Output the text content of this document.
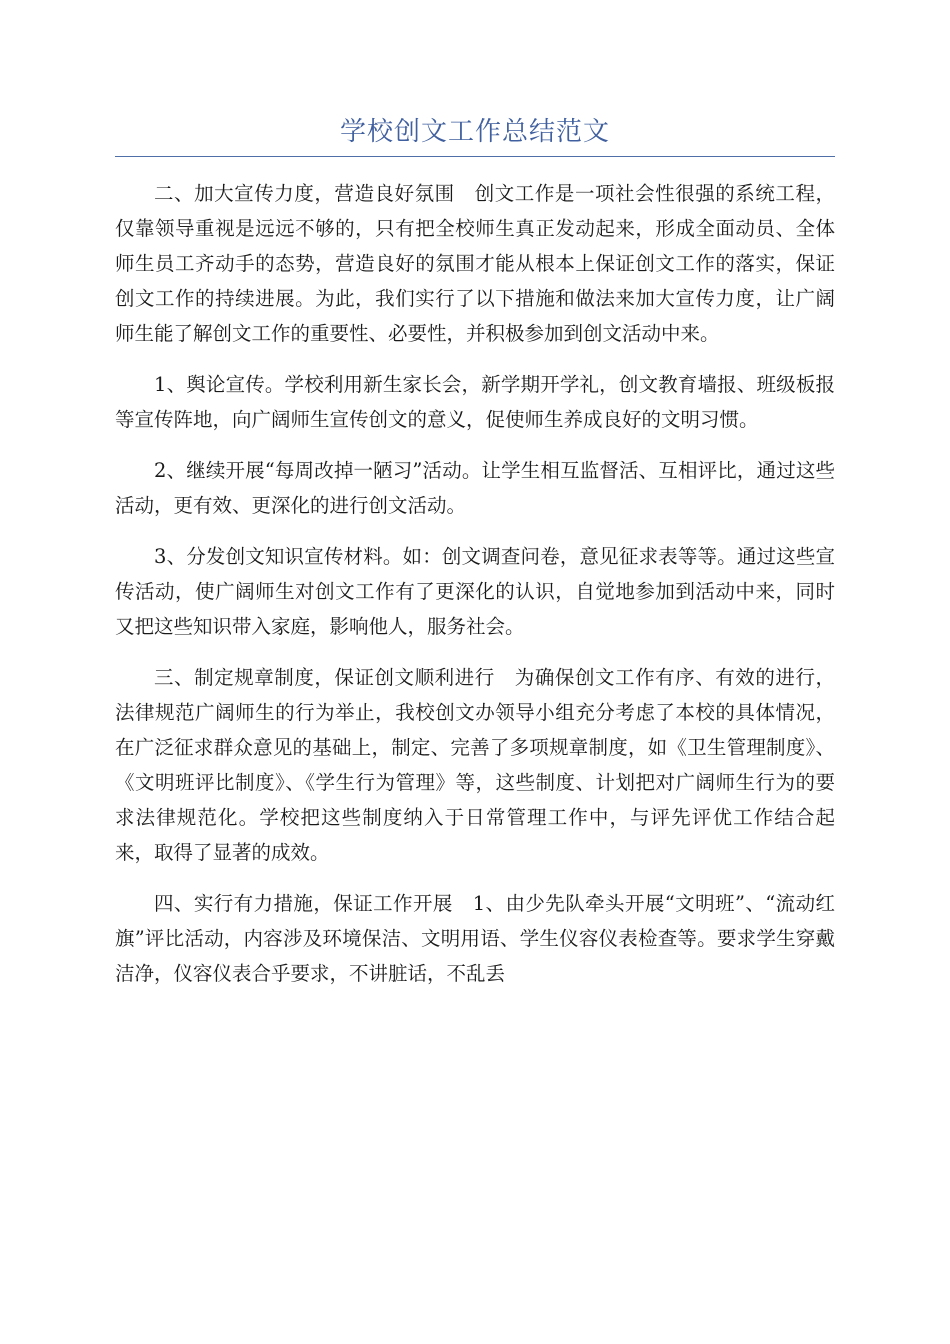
学校创文工作总结范文

二、加大宣传力度，营造良好氛围　创文工作是一项社会性很强的系统工程，仅靠领导重视是远远不够的，只有把全校师生真正发动起来，形成全面动员、全体师生员工齐动手的态势，营造良好的氛围才能从根本上保证创文工作的落实，保证创文工作的持续进展。为此，我们实行了以下措施和做法来加大宣传力度，让广阔师生能了解创文工作的重要性、必要性，并积极参加到创文活动中来。

1、舆论宣传。学校利用新生家长会，新学期开学礼，创文教育墙报、班级板报等宣传阵地，向广阔师生宣传创文的意义，促使师生养成良好的文明习惯。

2、继续开展“每周改掉一陋习”活动。让学生相互监督活、互相评比，通过这些活动，更有效、更深化的进行创文活动。

3、分发创文知识宣传材料。如：创文调查问卷，意见征求表等等。通过这些宣传活动，使广阔师生对创文工作有了更深化的认识，自觉地参加到活动中来，同时又把这些知识带入家庭，影响他人，服务社会。

三、制定规章制度，保证创文顺利进行　为确保创文工作有序、有效的进行，法律规范广阔师生的行为举止，我校创文办领导小组充分考虑了本校的具体情况，在广泛征求群众意见的基础上，制定、完善了多项规章制度，如《卫生管理制度》、《文明班评比制度》、《学生行为管理》等，这些制度、计划把对广阔师生行为的要求法律规范化。学校把这些制度纳入于日常管理工作中，与评先评优工作结合起来，取得了显著的成效。

四、实行有力措施，保证工作开展　1、由少先队牵头开展“文明班”、“流动红旗”评比活动，内容涉及环境保洁、文明用语、学生仪容仪表检查等。要求学生穿戴洁净，仪容仪表合乎要求，不讲脏话，不乱丢
